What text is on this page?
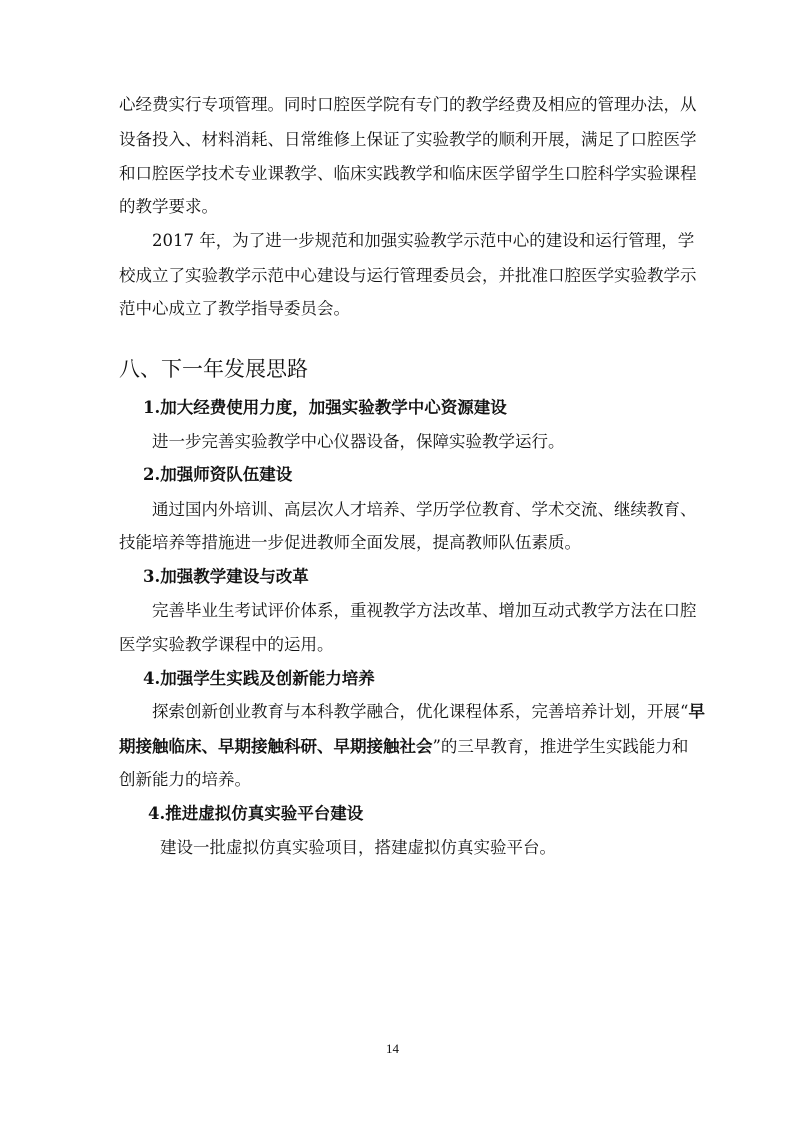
心经费实行专项管理。同时口腔医学院有专门的教学经费及相应的管理办法，从
设备投入、材料消耗、日常维修上保证了实验教学的顺利开展，满足了口腔医学
和口腔医学技术专业课教学、临床实践教学和临床医学留学生口腔科学实验课程
的教学要求。
2017 年，为了进一步规范和加强实验教学示范中心的建设和运行管理，学
校成立了实验教学示范中心建设与运行管理委员会，并批准口腔医学实验教学示
范中心成立了教学指导委员会。
八、下一年发展思路
1.加大经费使用力度，加强实验教学中心资源建设
进一步完善实验教学中心仪器设备，保障实验教学运行。
2.加强师资队伍建设
通过国内外培训、高层次人才培养、学历学位教育、学术交流、继续教育、
技能培养等措施进一步促进教师全面发展，提高教师队伍素质。
3.加强教学建设与改革
完善毕业生考试评价体系，重视教学方法改革、增加互动式教学方法在口腔
医学实验教学课程中的运用。
4.加强学生实践及创新能力培养
探索创新创业教育与本科教学融合，优化课程体系，完善培养计划，开展“早
期接触临床、早期接触科研、早期接触社会”的三早教育，推进学生实践能力和
创新能力的培养。
4.推进虚拟仿真实验平台建设
建设一批虚拟仿真实验项目，搭建虚拟仿真实验平台。
14
